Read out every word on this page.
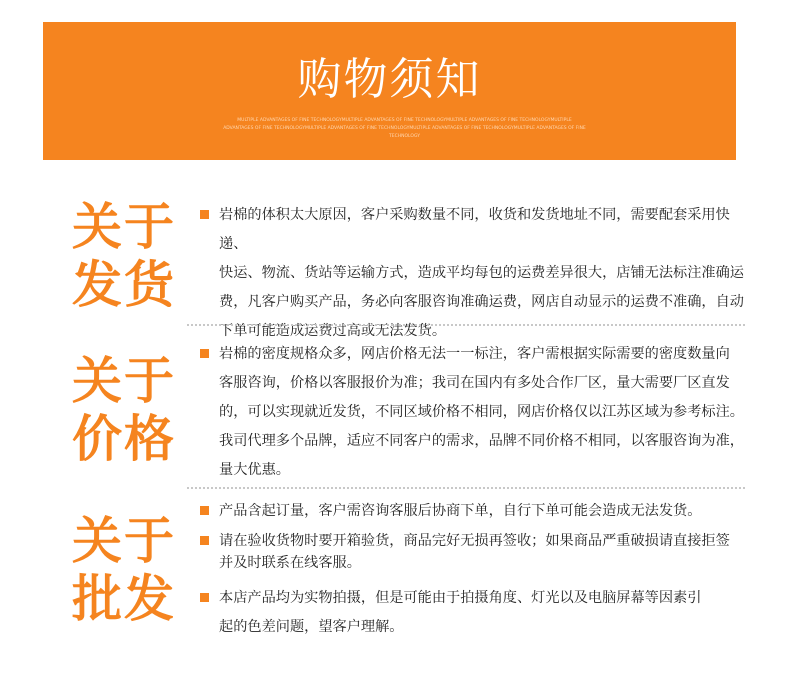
购物须知
MULTIPLE ADVANTAGES OF FINE TECHNOLOGYMULTIPLE ADVANTAGES OF FINE TECHNOLOGYMULTIPLE ADVANTAGES OF FINE TECHNOLOGYMULTIPLE ADVANTAGES OF FINE TECHNOLOGYMULTIPLE ADVANTAGES OF FINE TECHNOLOGYMULTIPLE ADVANTAGES OF FINE TECHNOLOGYMULTIPLE ADVANTAGES OF FINE TECHNOLOGY
关于
发货
岩棉的体积太大原因，客户采购数量不同，收货和发货地址不同，需要配套采用快递、
快运、物流、货站等运输方式，造成平均每包的运费差异很大，店铺无法标注准确运
费，凡客户购买产品，务必向客服咨询准确运费，网店自动显示的运费不准确，自动
下单可能造成运费过高或无法发货。
关于
价格
岩棉的密度规格众多，网店价格无法一一标注，客户需根据实际需要的密度数量向
客服咨询，价格以客服报价为准；我司在国内有多处合作厂区，量大需要厂区直发
的，可以实现就近发货，不同区域价格不相同，网店价格仅以江苏区域为参考标注。
我司代理多个品牌，适应不同客户的需求，品牌不同价格不相同，以客服咨询为准，
量大优惠。
关于
批发
产品含起订量，客户需咨询客服后协商下单，自行下单可能会造成无法发货。
请在验收货物时要开箱验货，商品完好无损再签收；如果商品严重破损请直接拒签
并及时联系在线客服。
本店产品均为实物拍摄，但是可能由于拍摄角度、灯光以及电脑屏幕等因素引
起的色差问题，望客户理解。
